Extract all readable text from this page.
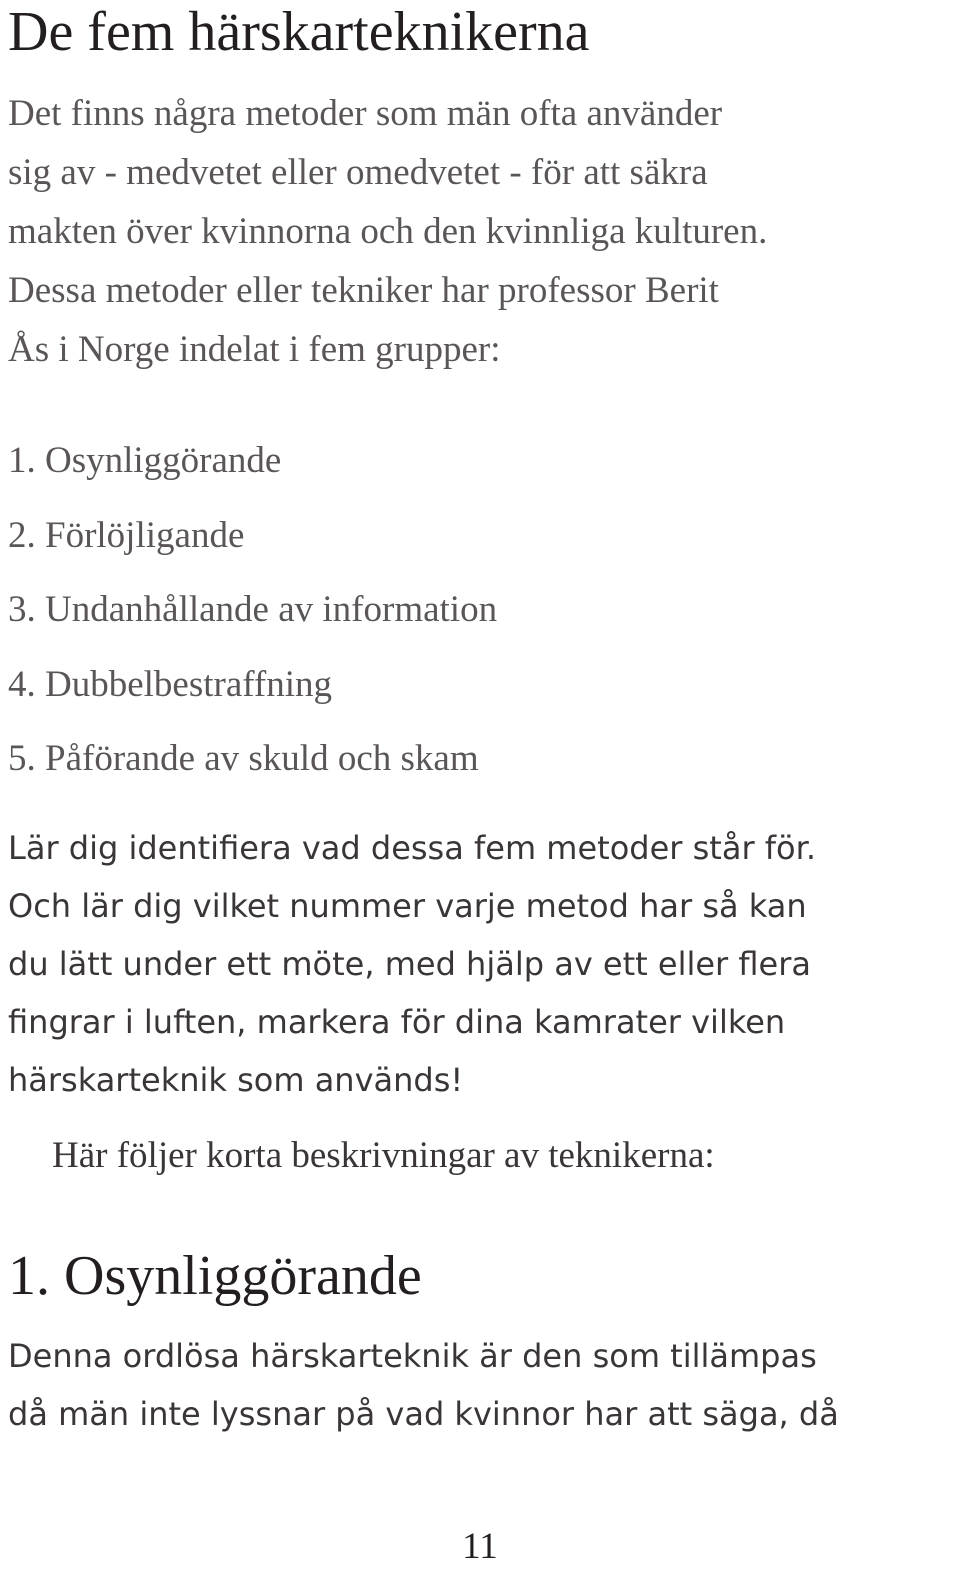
De fem härskarteknikerna

Det finns några metoder som män ofta använder
sig av - medvetet eller omedvetet - för att säkra
makten över kvinnorna och den kvinnliga kulturen.
Dessa metoder eller tekniker har professor Berit
Ås i Norge indelat i fem grupper:

1. Osynliggörande
2. Förlöjligande
3. Undanhållande av information
4. Dubbelbestraffning
5. Påförande av skuld och skam

Lär dig identifiera vad dessa fem metoder står för.
Och lär dig vilket nummer varje metod har så kan
du lätt under ett möte, med hjälp av ett eller flera
fingrar i luften, markera för dina kamrater vilken
härskarteknik som används!

Här följer korta beskrivningar av teknikerna:

1. Osynliggörande

Denna ordlösa härskarteknik är den som tillämpas
då män inte lyssnar på vad kvinnor har att säga, då

11
